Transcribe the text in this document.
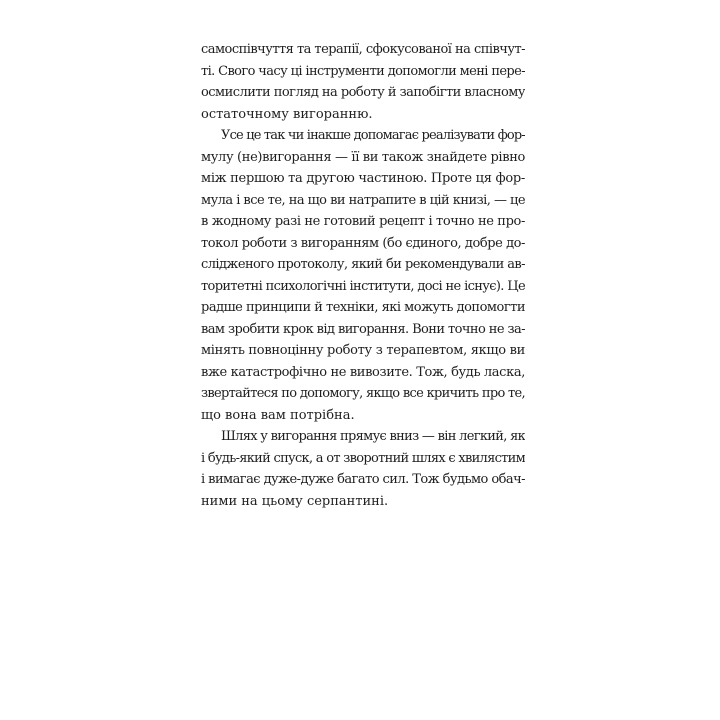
самоспівчуття та терапії, сфокусованої на співчут-
ті. Свого часу ці інструменти допомогли мені пере-
осмислити погляд на роботу й запобігти власному
остаточному вигоранню.
Усе це так чи інакше допомагає реалізувати фор-
мулу (не)вигорання — її ви також знайдете рівно
між першою та другою частиною. Проте ця фор-
мула і все те, на що ви натрапите в цій книзі, — це
в жодному разі не готовий рецепт і точно не про-
токол роботи з вигоранням (бо єдиного, добре до-
слідженого протоколу, який би рекомендували ав-
торитетні психологічні інститути, досі не існує). Це
радше принципи й техніки, які можуть допомогти
вам зробити крок від вигорання. Вони точно не за-
мінять повноцінну роботу з терапевтом, якщо ви
вже катастрофічно не вивозите. Тож, будь ласка,
звертайтеся по допомогу, якщо все кричить про те,
що вона вам потрібна.
Шлях у вигорання прямує вниз — він легкий, як
і будь-який спуск, а от зворотний шлях є хвилястим
і вимагає дуже-дуже багато сил. Тож будьмо обач-
ними на цьому серпантині.
